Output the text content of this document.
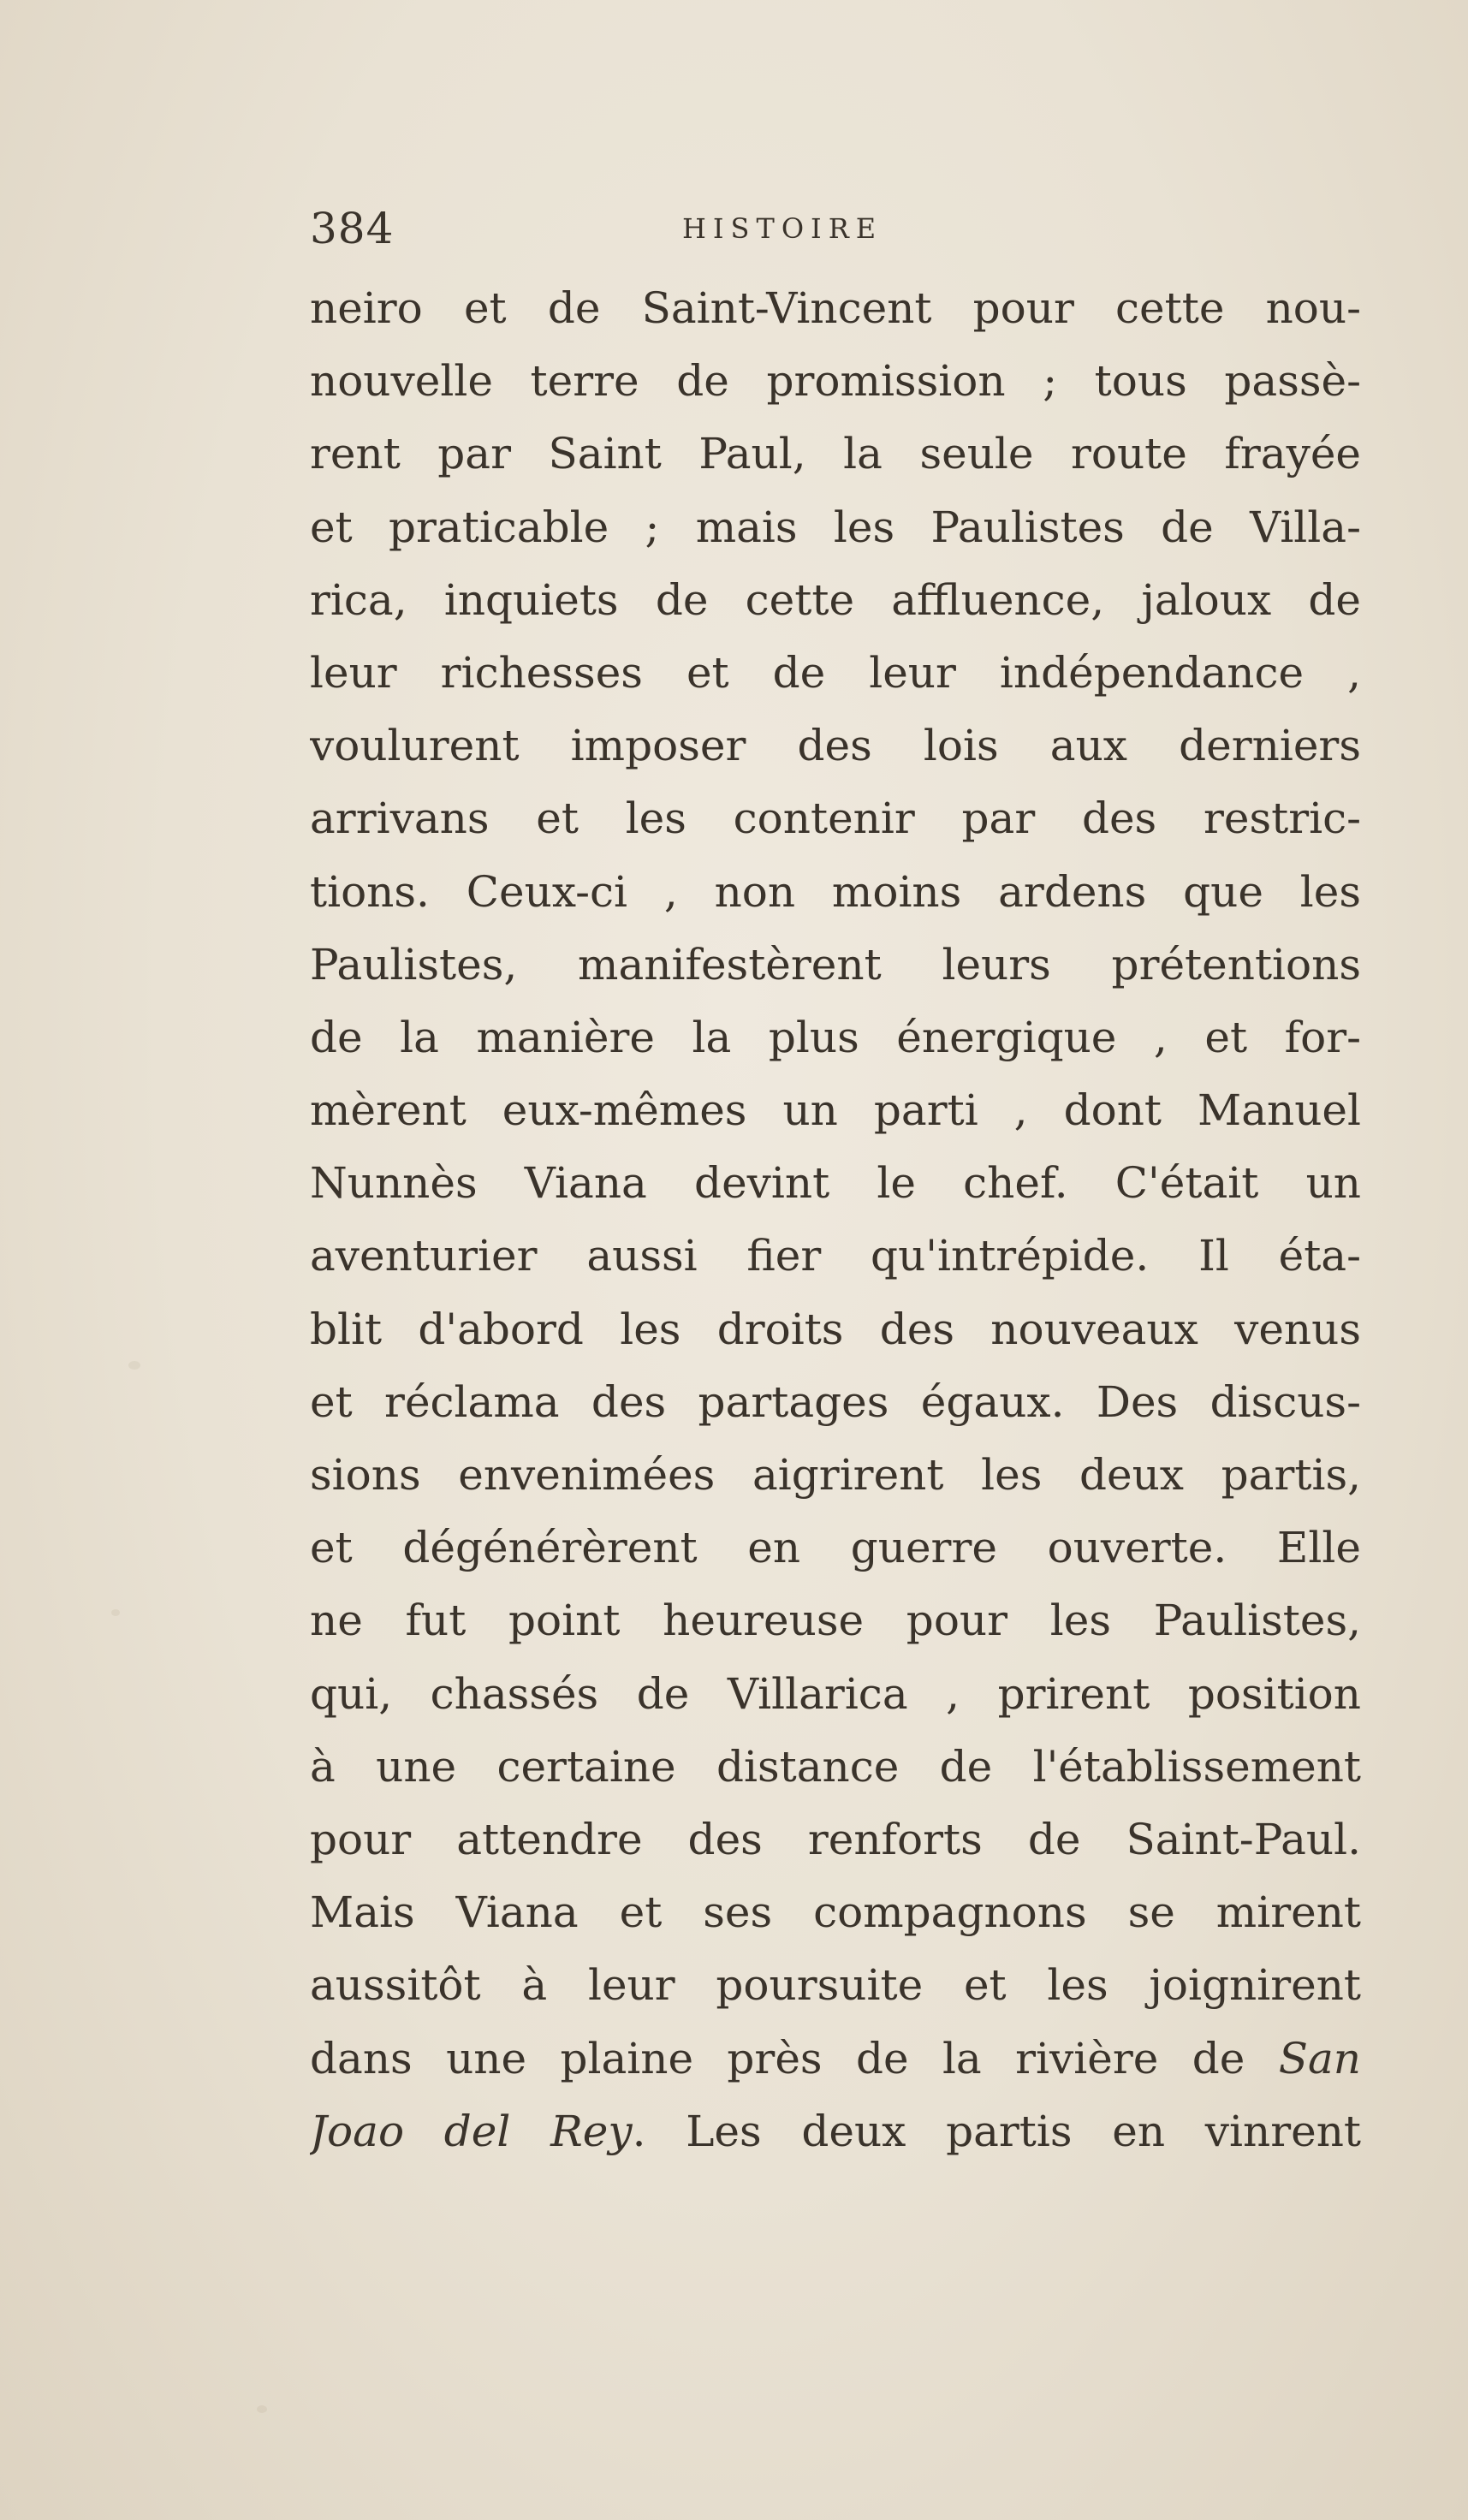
384	HISTOIRE
neiro et de Saint-Vincent pour cette nou-
nouvelle terre de promission ; tous passè-
rent par Saint Paul, la seule route frayée
et praticable ; mais les Paulistes de Villa-
rica, inquiets de cette affluence, jaloux de
leur richesses et de leur indépendance ,
voulurent imposer des lois aux derniers
arrivans et les contenir par des restric-
tions. Ceux-ci , non moins ardens que les
Paulistes, manifestèrent leurs prétentions
de la manière la plus énergique , et for-
mèrent eux-mêmes un parti , dont Manuel
Nunnès Viana devint le chef. C'était un
aventurier aussi fier qu'intrépide. Il éta-
blit d'abord les droits des nouveaux venus
et réclama des partages égaux. Des discus-
sions envenimées aigrirent les deux partis,
et dégénérèrent en guerre ouverte. Elle
ne fut point heureuse pour les Paulistes,
qui, chassés de Villarica , prirent position
à une certaine distance de l'établissement
pour attendre des renforts de Saint-Paul.
Mais Viana et ses compagnons se mirent
aussitôt à leur poursuite et les joignirent
dans une plaine près de la rivière de San
Joao del Rey. Les deux partis en vinrent
